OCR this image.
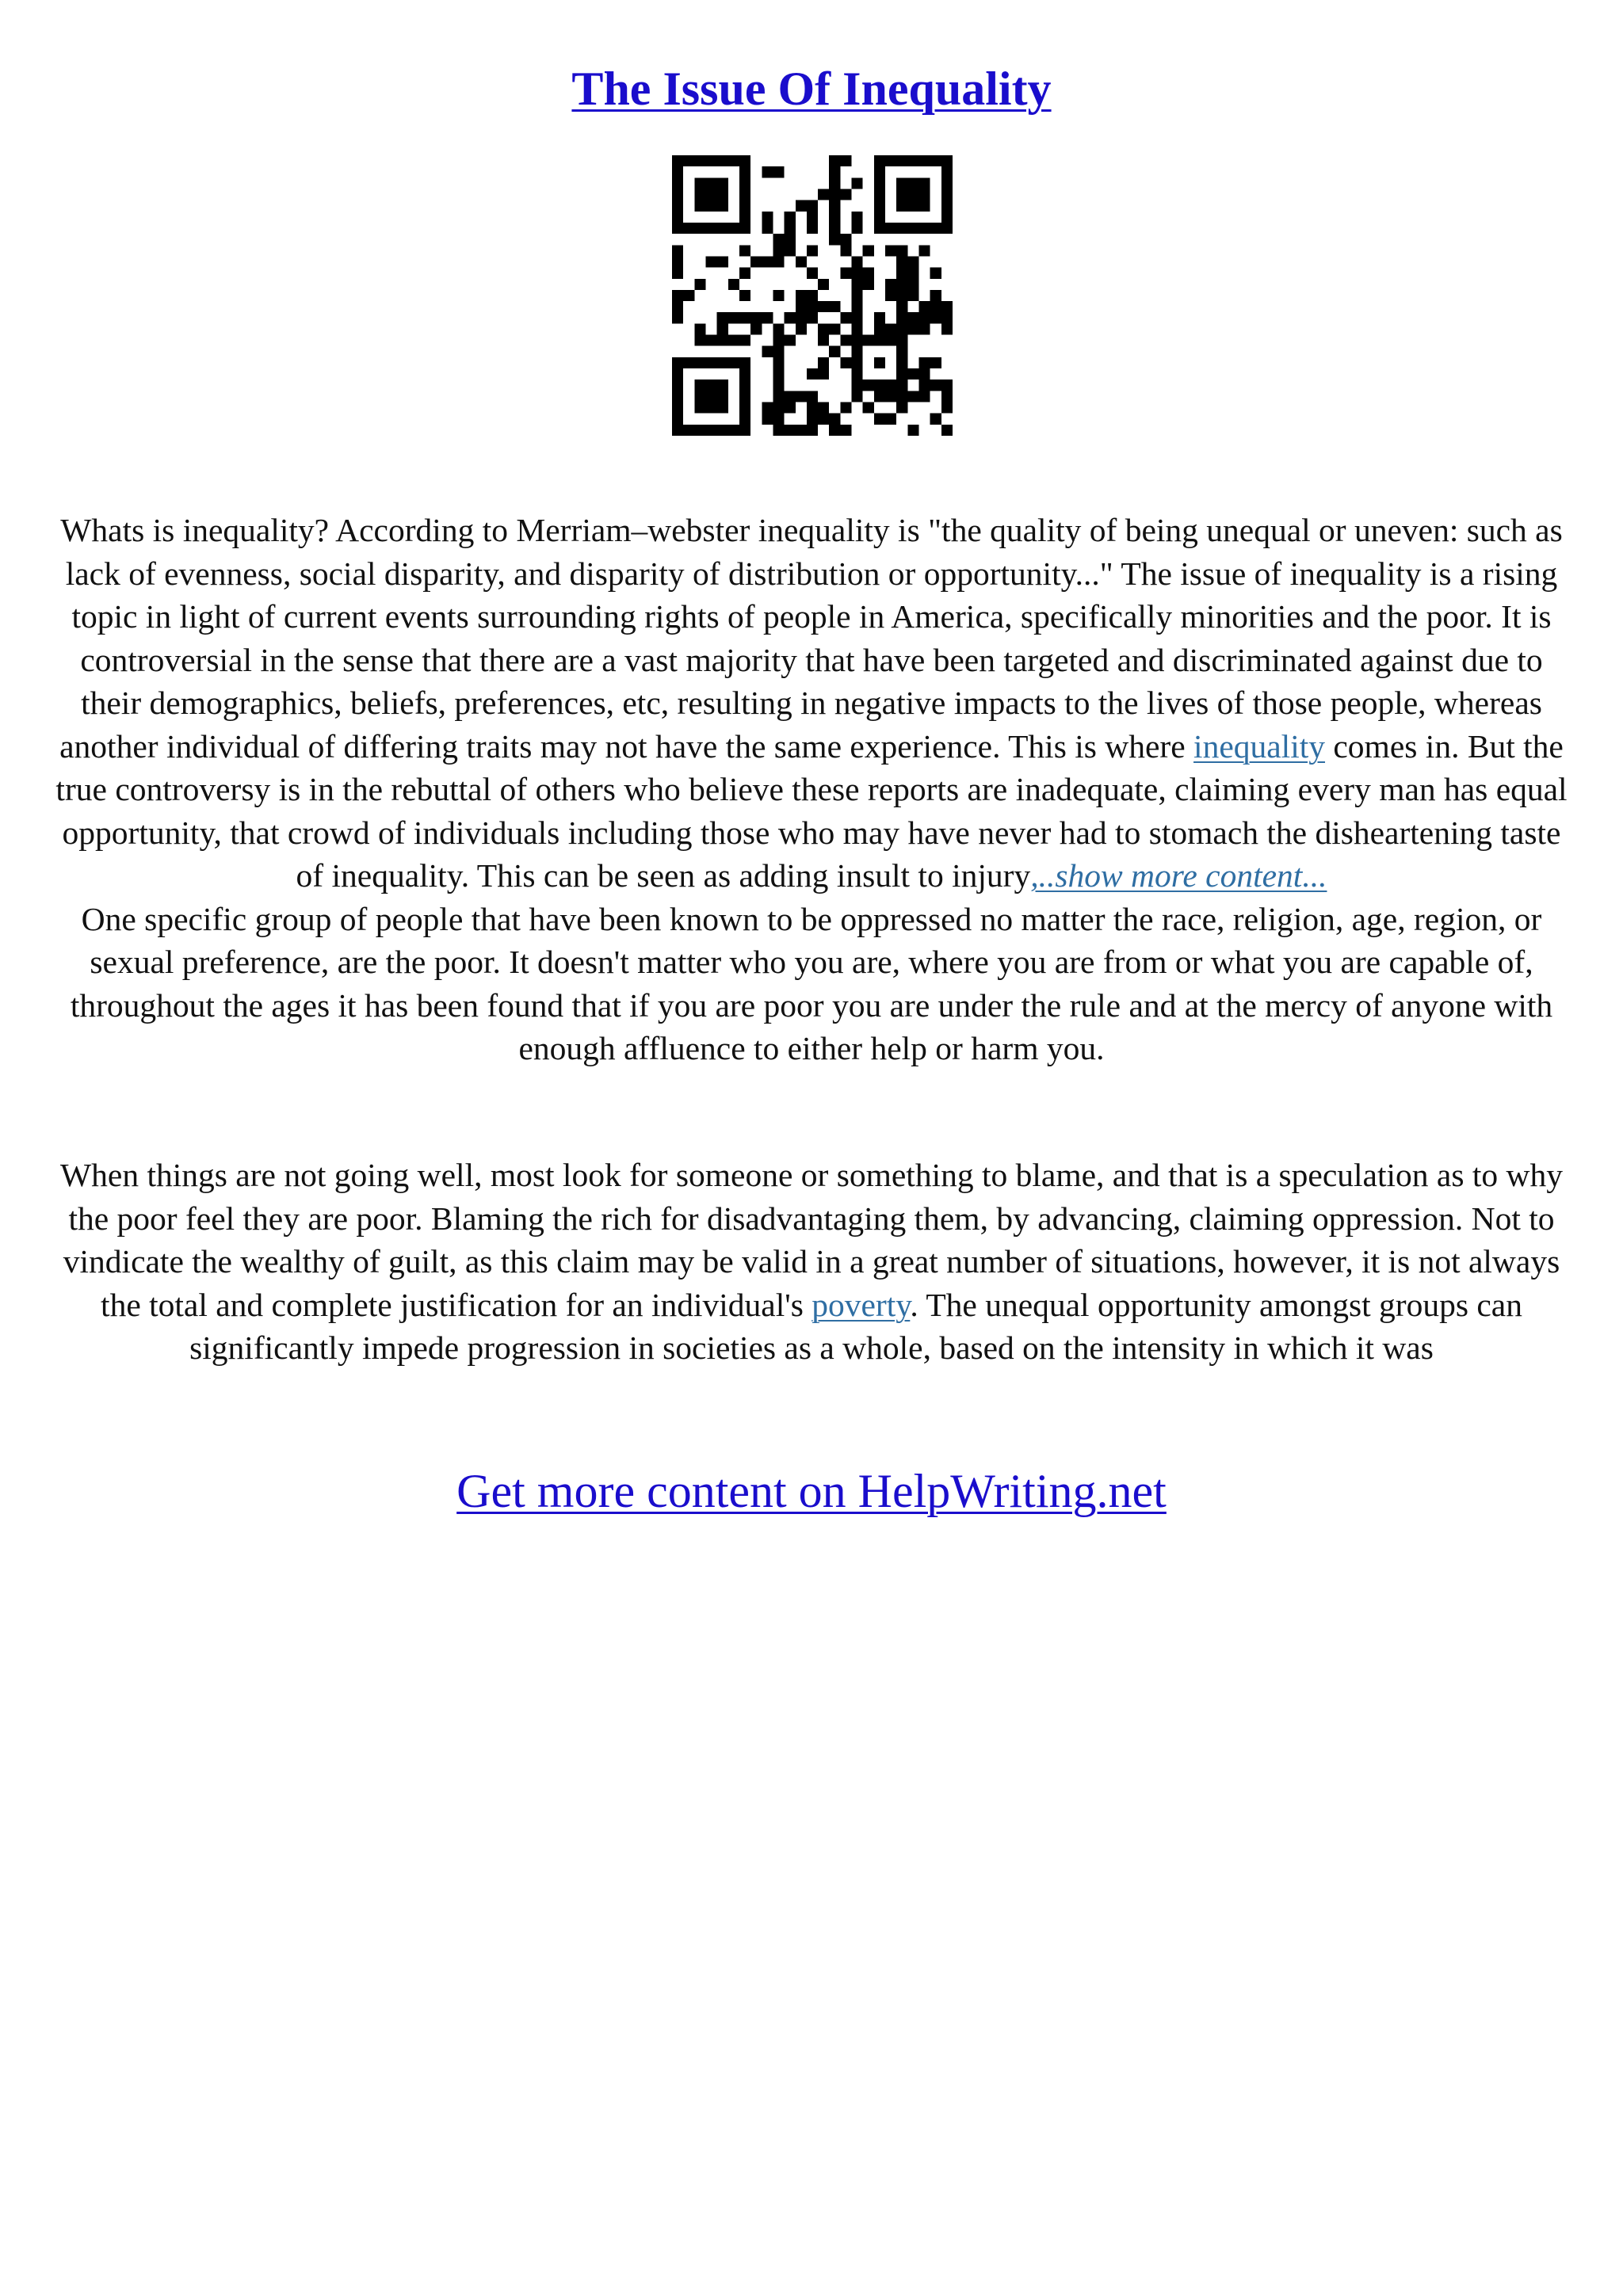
The Issue Of Inequality

Whats is inequality? According to Merriam–webster inequality is "the quality of being unequal or uneven: such as lack of evenness, social disparity, and disparity of distribution or opportunity..." The issue of inequality is a rising topic in light of current events surrounding rights of people in America, specifically minorities and the poor. It is controversial in the sense that there are a vast majority that have been targeted and discriminated against due to their demographics, beliefs, preferences, etc, resulting in negative impacts to the lives of those people, whereas another individual of differing traits may not have the same experience. This is where inequality comes in. But the true controversy is in the rebuttal of others who believe these reports are inadequate, claiming every man has equal opportunity, that crowd of individuals including those who may have never had to stomach the disheartening taste of inequality. This can be seen as adding insult to injury,..show more content...
One specific group of people that have been known to be oppressed no matter the race, religion, age, region, or sexual preference, are the poor. It doesn't matter who you are, where you are from or what you are capable of, throughout the ages it has been found that if you are poor you are under the rule and at the mercy of anyone with enough affluence to either help or harm you.

When things are not going well, most look for someone or something to blame, and that is a speculation as to why the poor feel they are poor. Blaming the rich for disadvantaging them, by advancing, claiming oppression. Not to vindicate the wealthy of guilt, as this claim may be valid in a great number of situations, however, it is not always the total and complete justification for an individual's poverty. The unequal opportunity amongst groups can significantly impede progression in societies as a whole, based on the intensity in which it was

Get more content on HelpWriting.net
